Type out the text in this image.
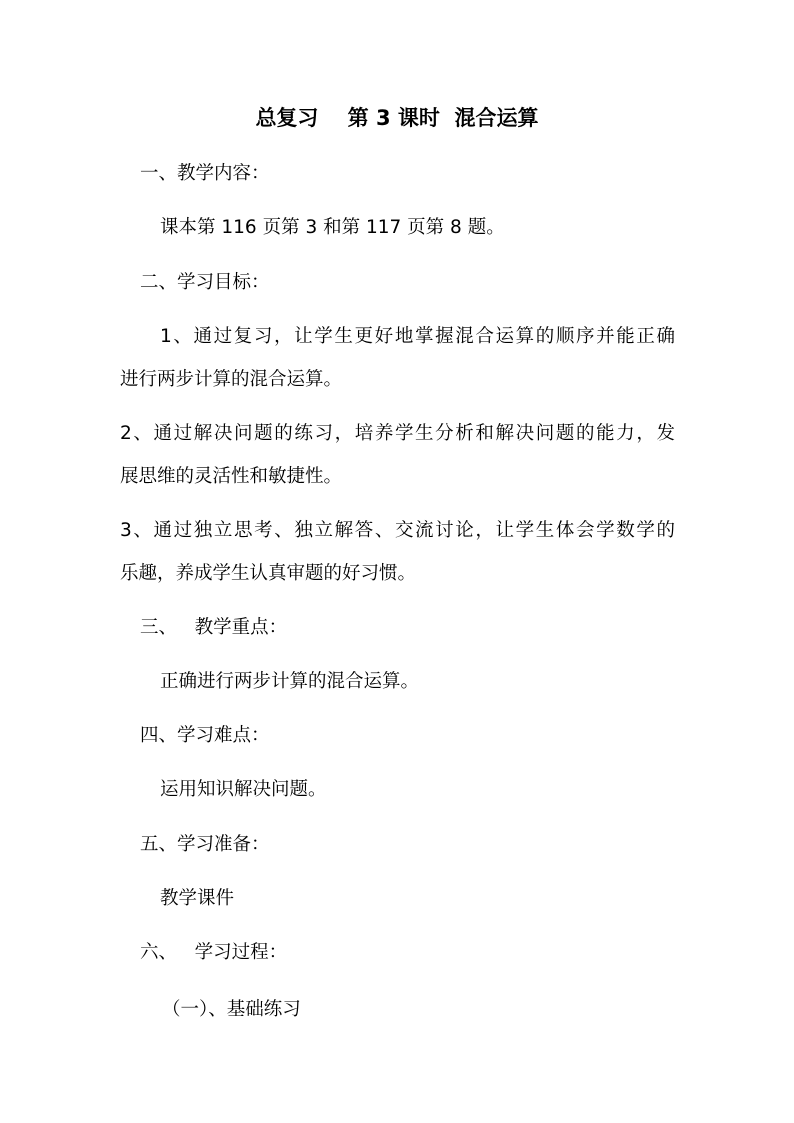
总复习    第 3 课时  混合运算
一、教学内容：
课本第 116 页第 3 和第 117 页第 8 题。
二、学习目标：
1、通过复习，让学生更好地掌握混合运算的顺序并能正确
进行两步计算的混合运算。
2、通过解决问题的练习，培养学生分析和解决问题的能力，发
展思维的灵活性和敏捷性。
3、通过独立思考、独立解答、交流讨论，让学生体会学数学的
乐趣，养成学生认真审题的好习惯。
三、   教学重点：
正确进行两步计算的混合运算。
四、学习难点：
运用知识解决问题。
五、学习准备：
教学课件
六、   学习过程：
（一）、基础练习
